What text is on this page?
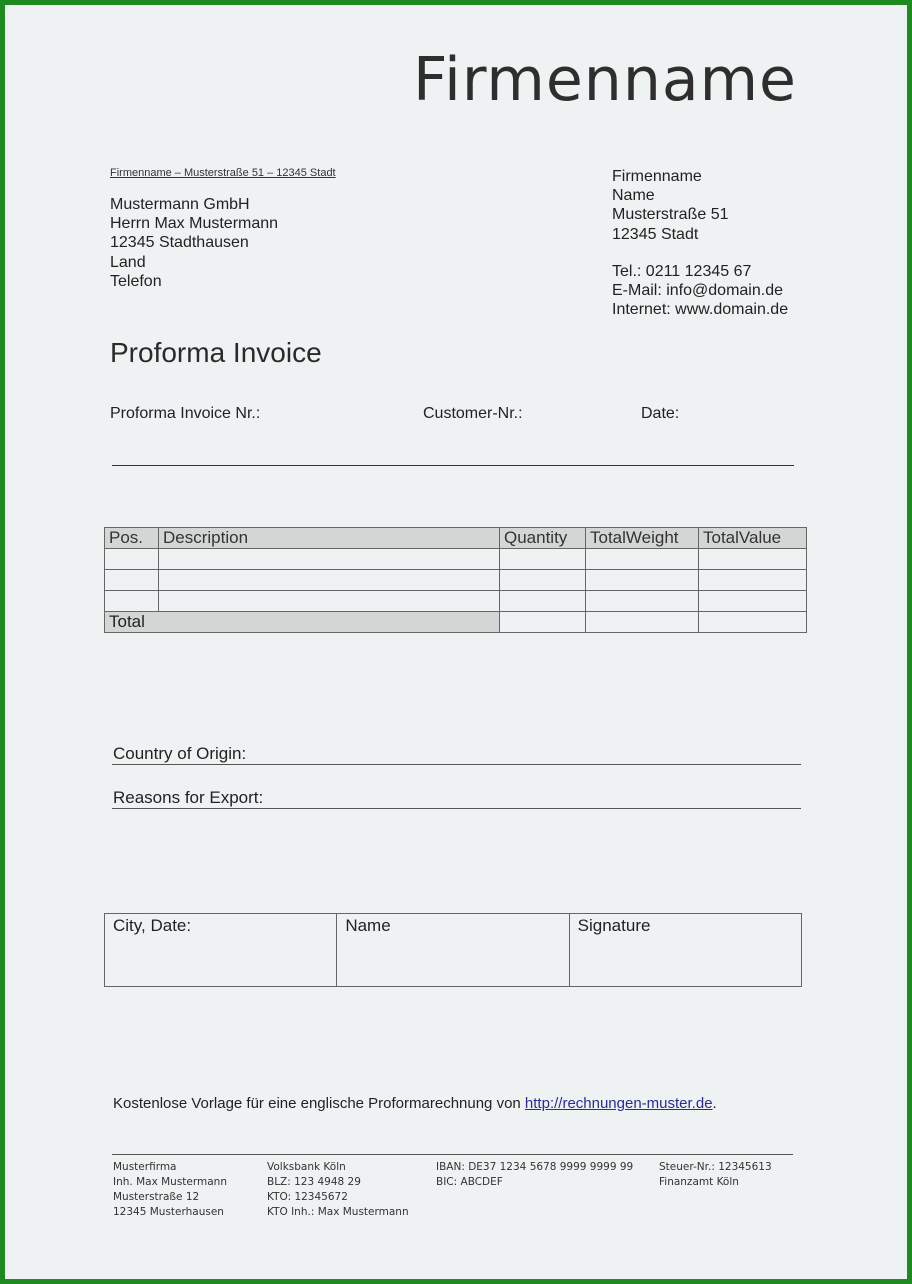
Firmenname
Firmenname – Musterstraße 51 – 12345 Stadt
Mustermann GmbH
Herrn Max Mustermann
12345 Stadthausen
Land
Telefon
Firmenname
Name
Musterstraße 51
12345 Stadt
Tel.: 0211 12345 67
E-Mail: info@domain.de
Internet: www.domain.de
Proforma Invoice
Proforma Invoice Nr.:	Customer-Nr.:	Date:
Pos.	Description	Quantity	TotalWeight	TotalValue

Total				
Country of Origin:
Reasons for Export:
City, Date:	Name	Signature
Kostenlose Vorlage für eine englische Proformarechnung von http://rechnungen-muster.de.
Musterfirma
Inh. Max Mustermann
Musterstraße 12
12345 Musterhausen
Volksbank Köln
BLZ: 123 4948 29
KTO: 12345672
KTO Inh.: Max Mustermann
IBAN: DE37 1234 5678 9999 9999 99
BIC: ABCDEF
Steuer-Nr.: 12345613
Finanzamt Köln
